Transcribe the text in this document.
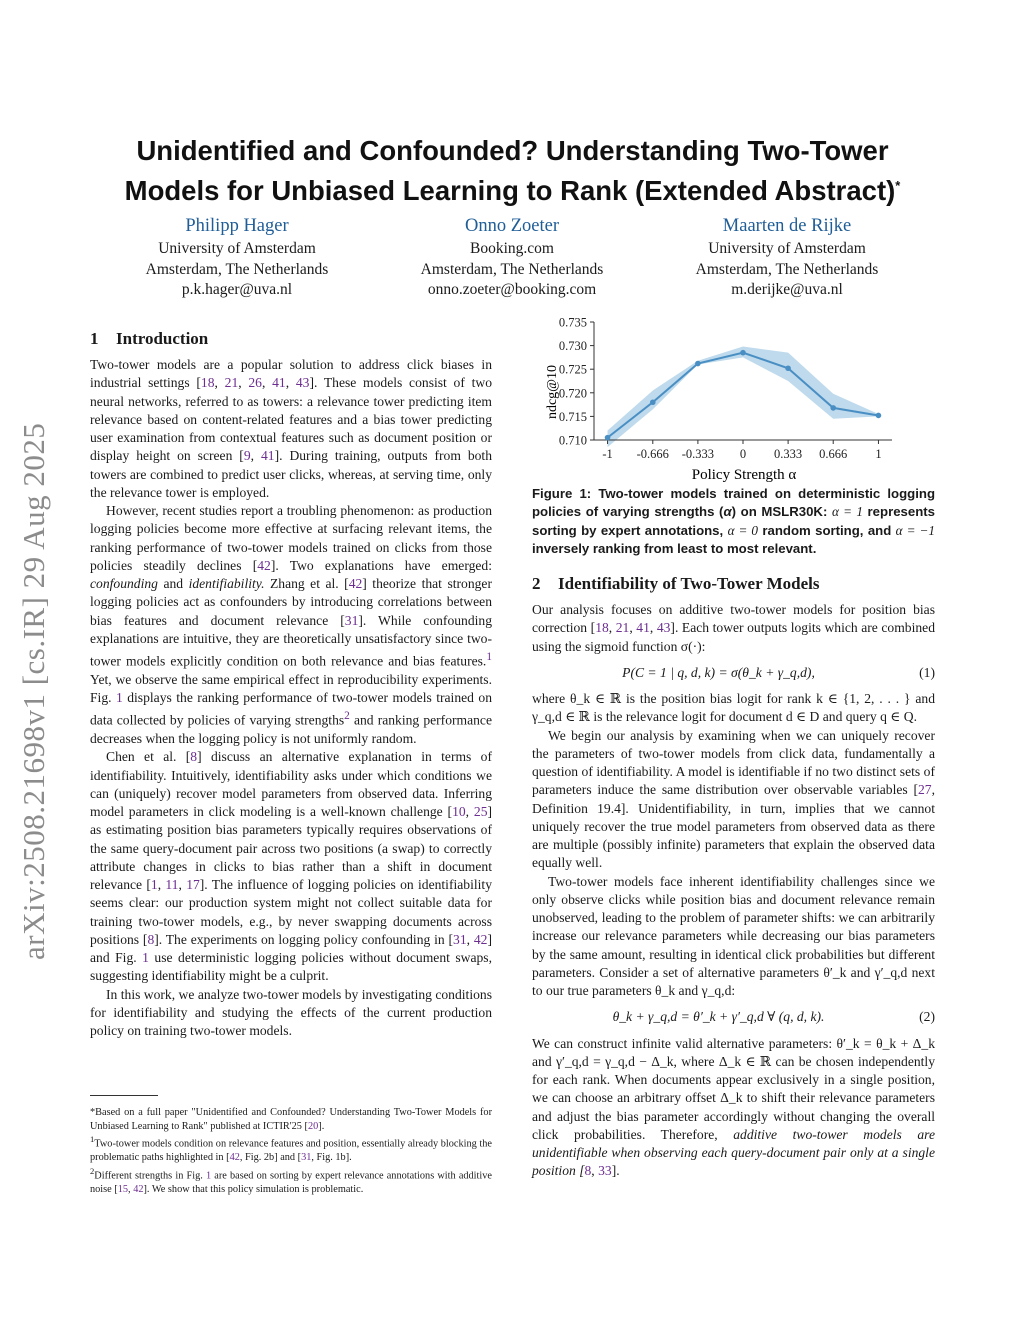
arXiv:2508.21698v1 [cs.IR] 29 Aug 2025
Unidentified and Confounded? Understanding Two-Tower
Models for Unbiased Learning to Rank (Extended Abstract)*
Philipp Hager
University of Amsterdam
Amsterdam, The Netherlands
p.k.hager@uva.nl
Onno Zoeter
Booking.com
Amsterdam, The Netherlands
onno.zoeter@booking.com
Maarten de Rijke
University of Amsterdam
Amsterdam, The Netherlands
m.derijke@uva.nl
1 Introduction

Two-tower models are a popular solution to address click biases in industrial settings [18, 21, 26, 41, 43]. These models consist of two neural networks, referred to as towers: a relevance tower predicting item relevance based on content-related features and a bias tower predicting user examination from contextual features such as document position or display height on screen [9, 41]. During training, outputs from both towers are combined to predict user clicks, whereas, at serving time, only the relevance tower is employed.

However, recent studies report a troubling phenomenon: as production logging policies become more effective at surfacing relevant items, the ranking performance of two-tower models trained on clicks from those policies steadily declines [42]. Two explanations have emerged: confounding and identifiability. Zhang et al. [42] theorize that stronger logging policies act as confounders by introducing correlations between bias features and document relevance [31]. While confounding explanations are intuitive, they are theoretically unsatisfactory since two-tower models explicitly condition on both relevance and bias features.$^1$ Yet, we observe the same empirical effect in reproducibility experiments. Fig. 1 displays the ranking performance of two-tower models trained on data collected by policies of varying strengths$^2$ and ranking performance decreases when the logging policy is not uniformly random.

Chen et al. [8] discuss an alternative explanation in terms of identifiability. Intuitively, identifiability asks under which conditions we can (uniquely) recover model parameters from observed data. Inferring model parameters in click modeling is a well-known challenge [10, 25] as estimating position bias parameters typically requires observations of the same query-document pair across two positions (a swap) to correctly attribute changes in clicks to bias rather than a shift in document relevance [1, 11, 17]. The influence of logging policies on identifiability seems clear: our production system might not collect suitable data for training two-tower models, e.g., by never swapping documents across positions [8]. The experiments on logging policy confounding in [31, 42] and Fig. 1 use deterministic logging policies without document swaps, suggesting identifiability might be a culprit.

In this work, we analyze two-tower models by investigating conditions for identifiability and studying the effects of the current production policy on training two-tower models.

*Based on a full paper "Unidentified and Confounded? Understanding Two-Tower Models for Unbiased Learning to Rank" published at ICTIR'25 [20].

$^1$Two-tower models condition on relevance features and position, essentially already blocking the problematic paths highlighted in [42, Fig. 2b] and [31, Fig. 1b].

$^2$Different strengths in Fig. 1 are based on sorting by expert relevance annotations with additive noise [15, 42]. We show that this policy simulation is problematic.

ndcg@10
Policy Strength α
0.710
0.715
0.720
0.725
0.730
0.735
-1 -0.666 -0.333 0 0.333 0.666 1

Figure 1: Two-tower models trained on deterministic logging policies of varying strengths (α) on MSLR30K: α = 1 represents sorting by expert annotations, α = 0 random sorting, and α = −1 inversely ranking from least to most relevant.

2 Identifiability of Two-Tower Models

Our analysis focuses on additive two-tower models for position bias correction [18, 21, 41, 43]. Each tower outputs logits which are combined using the sigmoid function σ(·):

P(C = 1 | q, d, k) = σ(θ_k + γ_q,d),	(1)

where θ_k ∈ ℝ is the position bias logit for rank k ∈ {1, 2, . . . } and γ_q,d ∈ ℝ is the relevance logit for document d ∈ D and query q ∈ Q.

We begin our analysis by examining when we can uniquely recover the parameters of two-tower models from click data, fundamentally a question of identifiability. A model is identifiable if no two distinct sets of parameters induce the same distribution over observable variables [27, Definition 19.4]. Unidentifiability, in turn, implies that we cannot uniquely recover the true model parameters from observed data as there are multiple (possibly infinite) parameters that explain the observed data equally well.

Two-tower models face inherent identifiability challenges since we only observe clicks while position bias and document relevance remain unobserved, leading to the problem of parameter shifts: we can arbitrarily increase our relevance parameters while decreasing our bias parameters by the same amount, resulting in identical click probabilities but different parameters. Consider a set of alternative parameters θ′_k and γ′_q,d next to our true parameters θ_k and γ_q,d:

θ_k + γ_q,d = θ′_k + γ′_q,d ∀ (q, d, k).	(2)

We can construct infinite valid alternative parameters: θ′_k = θ_k + Δ_k and γ′_q,d = γ_q,d − Δ_k, where Δ_k ∈ ℝ can be chosen independently for each rank. When documents appear exclusively in a single position, we can choose an arbitrary offset Δ_k to shift their relevance parameters and adjust the bias parameter accordingly without changing the overall click probabilities. Therefore, additive two-tower models are unidentifiable when observing each query-document pair only at a single position [8, 33].
